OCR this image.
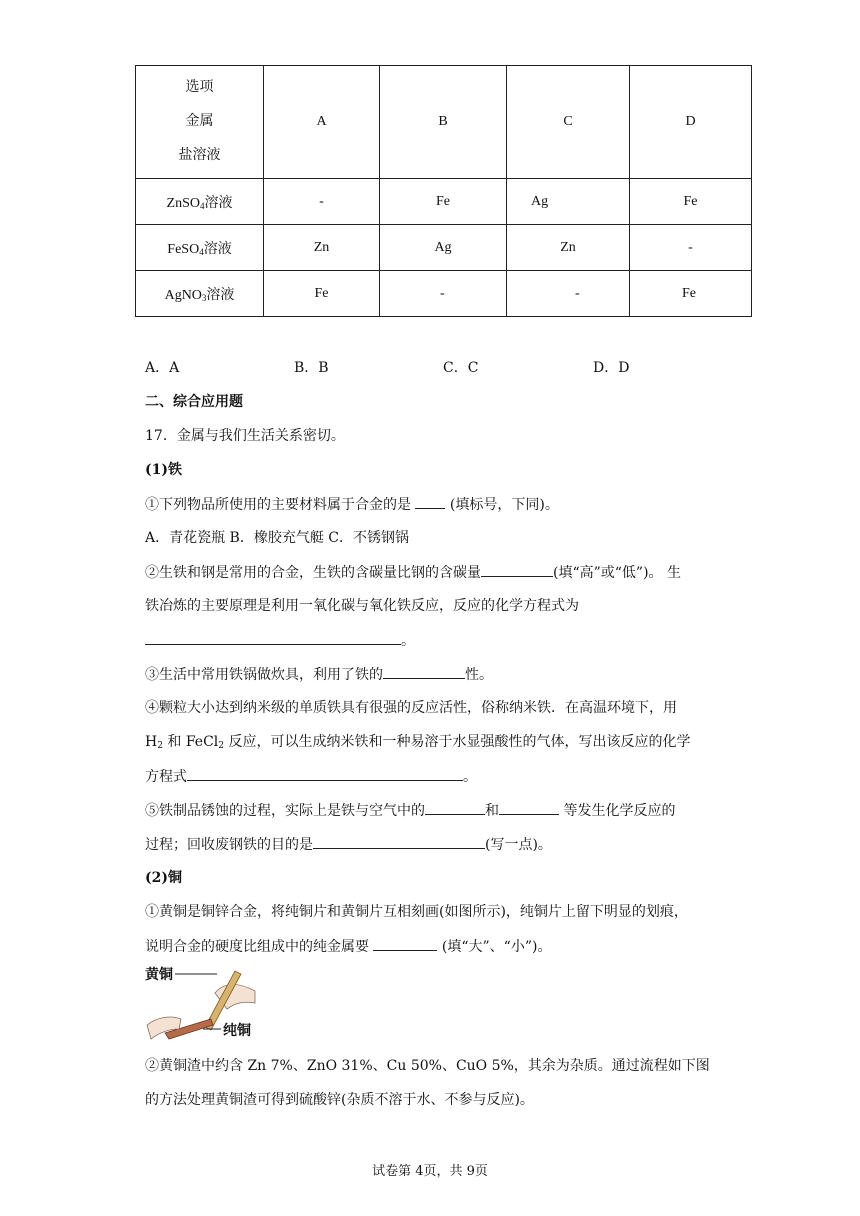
选项
金属
盐溶液	A	B	C	D
ZnSO$_4$溶液	-	Fe	Ag	Fe
FeSO$_4$溶液	Zn	Ag	Zn	-
AgNO$_3$溶液	Fe	-	-	Fe
A．A	B．B	C．C	D．D
二、综合应用题
17．金属与我们生活关系密切。
(1)铁
①下列物品所使用的主要材料属于合金的是	(填标号，下同)。
A．青花瓷瓶 B．橡胶充气艇 C．不锈钢锅
②生铁和钢是常用的合金，生铁的含碳量比钢的含碳量	(填“高”或“低”)。 生
铁冶炼的主要原理是利用一氧化碳与氧化铁反应，反应的化学方程式为
。
③生活中常用铁锅做炊具，利用了铁的	性。
④颗粒大小达到纳米级的单质铁具有很强的反应活性，俗称纳米铁．在高温环境下，用
$H_2$ 和 FeCl$_2$ 反应，可以生成纳米铁和一种易溶于水显强酸性的气体，写出该反应的化学
方程式	。
⑤铁制品锈蚀的过程，实际上是铁与空气中的	和	等发生化学反应的
过程；回收废钢铁的目的是	(写一点)。
(2)铜
①黄铜是铜锌合金，将纯铜片和黄铜片互相刻画(如图所示)，纯铜片上留下明显的划痕，
说明合金的硬度比组成中的纯金属要	(填“大”、“小”)。
黄铜
纯铜
②黄铜渣中约含 Zn 7%、ZnO 31%、Cu 50%、CuO 5%，其余为杂质。通过流程如下图
的方法处理黄铜渣可得到硫酸锌(杂质不溶于水、不参与反应)。
试卷第 4页，共 9页
